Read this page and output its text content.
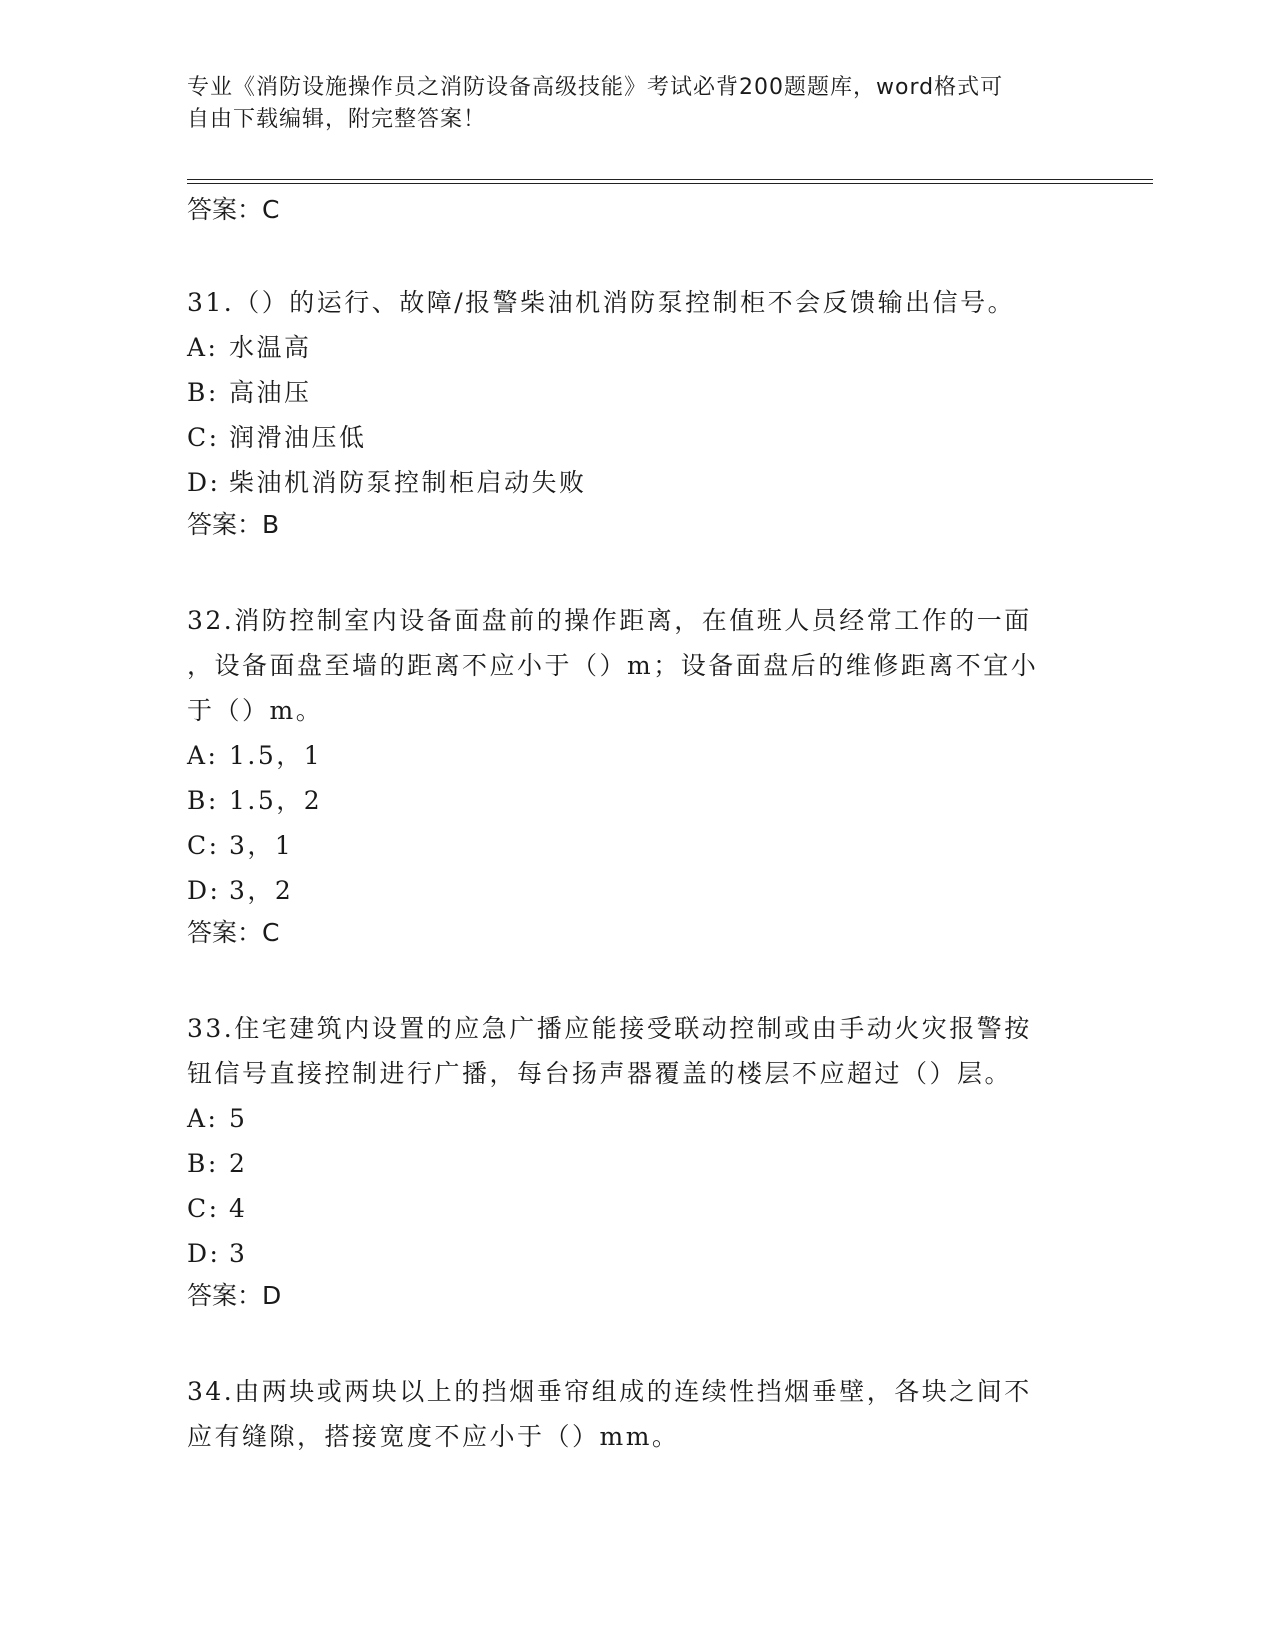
专业《消防设施操作员之消防设备高级技能》考试必背200题题库，word格式可
自由下载编辑，附完整答案！
答案：C
31.（）的运行、故障/报警柴油机消防泵控制柜不会反馈输出信号。
A: 水温高
B: 高油压
C: 润滑油压低
D: 柴油机消防泵控制柜启动失败
答案：B
32.消防控制室内设备面盘前的操作距离，在值班人员经常工作的一面
，设备面盘至墙的距离不应小于（）m；设备面盘后的维修距离不宜小
于（）m。
A: 1.5，1
B: 1.5，2
C: 3，1
D: 3，2
答案：C
33.住宅建筑内设置的应急广播应能接受联动控制或由手动火灾报警按
钮信号直接控制进行广播，每台扬声器覆盖的楼层不应超过（）层。
A: 5
B: 2
C: 4
D: 3
答案：D
34.由两块或两块以上的挡烟垂帘组成的连续性挡烟垂壁，各块之间不
应有缝隙，搭接宽度不应小于（）mm。
